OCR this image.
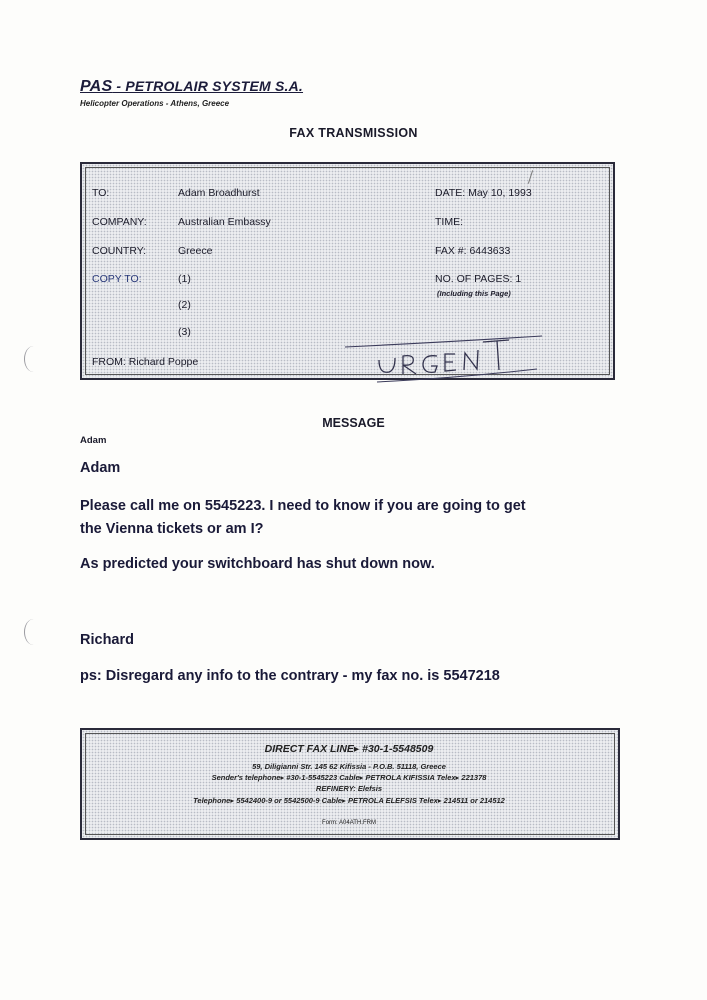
PAS - PETROLAIR SYSTEM S.A.
Helicopter Operations - Athens, Greece
FAX TRANSMISSION
TO:	Adam Broadhurst
COMPANY:	Australian Embassy
COUNTRY:	Greece
COPY TO:	(1)
(2)
(3)
FROM: Richard Poppe
DATE: May 10, 1993
TIME:
FAX #: 6443633
NO. OF PAGES: 1
(Including this Page)
MESSAGE
Adam
Adam
Please call me on 5545223. I need to know if you are going to get
the Vienna tickets or am I?
As predicted your switchboard has shut down now.
Richard
ps: Disregard any info to the contrary - my fax no. is 5547218
DIRECT FAX LINE▸ #30-1-5548509
59, Diligianni Str. 145 62 Kifissia - P.O.B. 51118, Greece
Sender's telephone▸ #30-1-5545223 Cable▸ PETROLA KIFISSIA Telex▸ 221378
REFINERY: Elefsis
Telephone▸ 5542400-9 or 5542500-9 Cable▸ PETROLA ELEFSIS Telex▸ 214511 or 214512
Form: A04ATH.FRM
